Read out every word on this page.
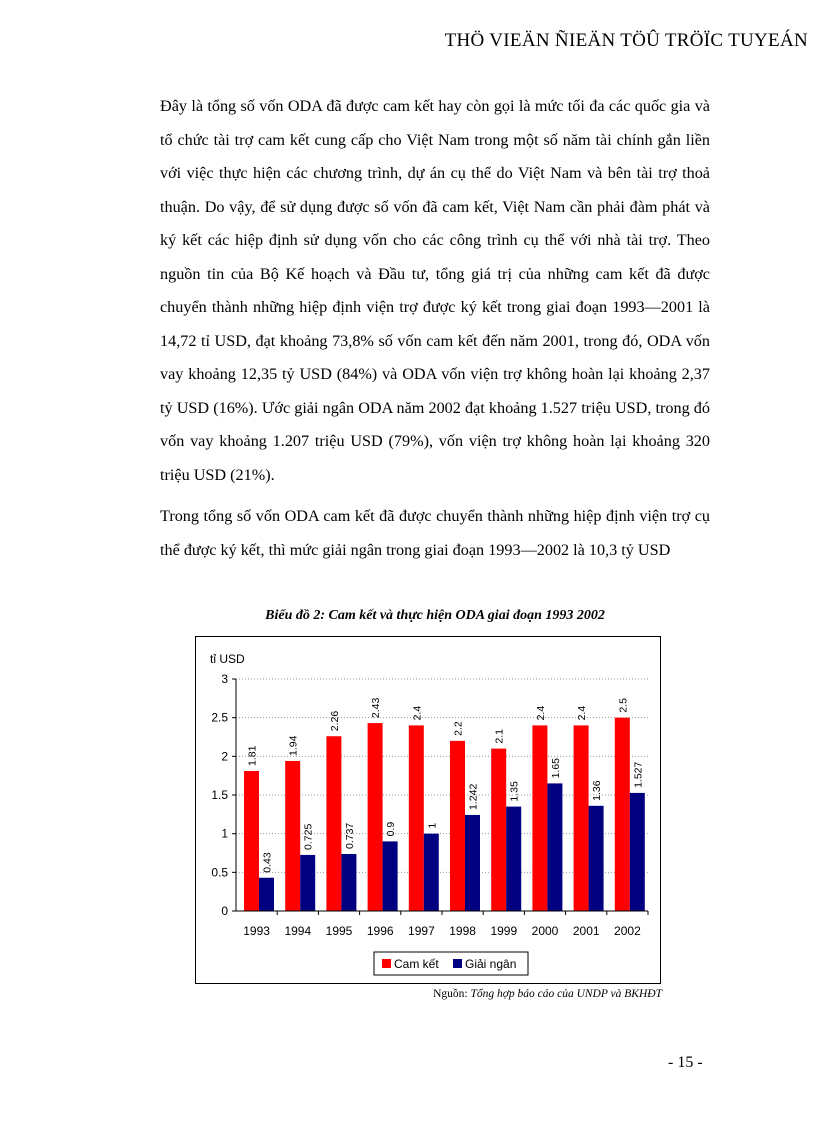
THÖ VIEÄN ÑIEÄN TÖÛ TRÖÏC TUYEÁN

Đây là tổng số vốn ODA đã được cam kết hay còn gọi là mức tối đa các quốc gia và tổ chức tài trợ cam kết cung cấp cho Việt Nam trong một số năm tài chính gắn liền với việc thực hiện các chương trình, dự án cụ thể do Việt Nam và bên tài trợ thoả thuận. Do vậy, để sử dụng được số vốn đã cam kết, Việt Nam cần phải đàm phát và ký kết các hiệp định sử dụng vốn cho các công trình cụ thể với nhà tài trợ. Theo nguồn tin của Bộ Kế hoạch và Đầu tư, tổng giá trị của những cam kết đã được chuyển thành những hiệp định viện trợ được ký kết trong giai đoạn 1993—2001 là 14,72 tỉ USD, đạt khoảng 73,8% số vốn cam kết đến năm 2001, trong đó, ODA vốn vay khoảng 12,35 tỷ USD (84%) và ODA vốn viện trợ không hoàn lại khoảng 2,37 tỷ USD (16%). Ước giải ngân ODA năm 2002 đạt khoảng 1.527 triệu USD, trong đó vốn vay khoảng 1.207 triệu USD (79%), vốn viện trợ không hoàn lại khoảng 320 triệu USD (21%).

Trong tổng số vốn ODA cam kết đã được chuyển thành những hiệp định viện trợ cụ thể được ký kết, thì mức giải ngân trong giai đoạn 1993—2002 là 10,3 tỷ USD

Biểu đồ 2: Cam kết và thực hiện ODA giai đoạn 1993 2002
tỉ USD
0
0.5
1
1.5
2
2.5
3
1.81
0.43
1993
1.94
0.725
1994
2.26
0.737
1995
2.43
0.9
1996
2.4
1
1997
2.2
1.242
1998
2.1
1.35
1999
2.4
1.65
2000
2.4
1.36
2001
2.5
1.527
2002
Cam kết Giải ngân
Nguồn: Tổng hợp báo cáo của UNDP và BKHĐT
- 15 -
